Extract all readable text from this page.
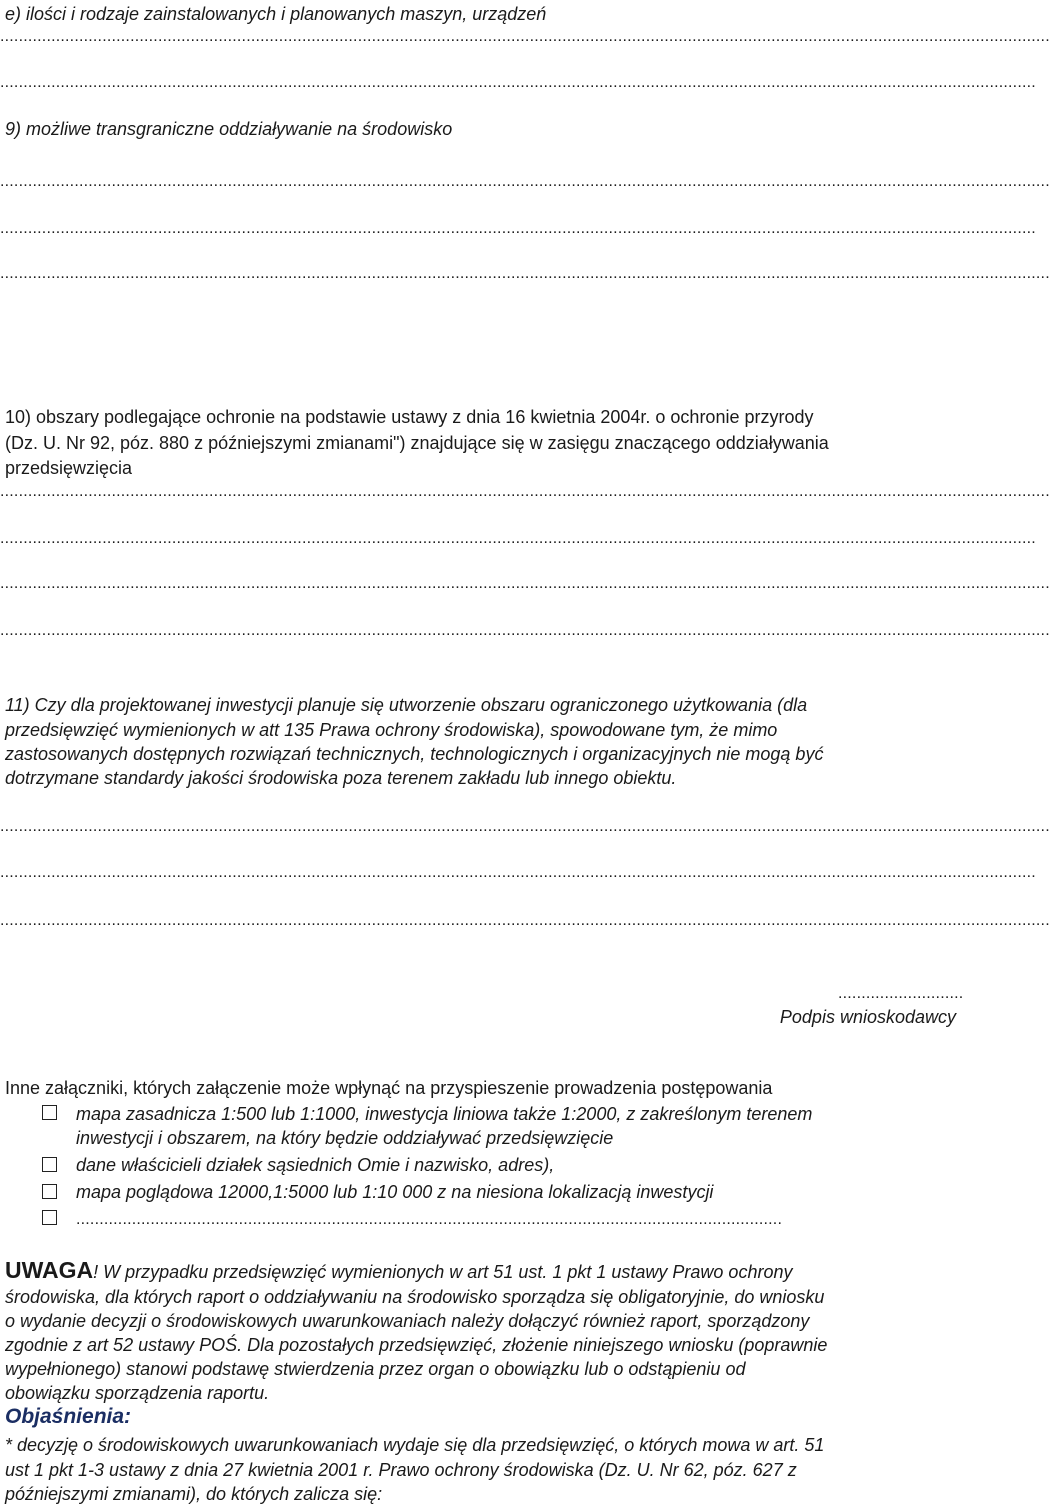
e) ilości i rodzaje zainstalowanych i planowanych maszyn, urządzeń
..................................................................................................................................................................................................................................
...............................................................................................................................................................................................................................
9) możliwe transgraniczne oddziaływanie na środowisko
..................................................................................................................................................................................................................................
...............................................................................................................................................................................................................................
..................................................................................................................................................................................................................................
10) obszary podlegające ochronie na podstawie ustawy z dnia 16 kwietnia 2004r. o ochronie przyrody
(Dz. U. Nr 92, póz. 880 z późniejszymi zmianami") znajdujące się w zasięgu znaczącego oddziaływania
przedsięwzięcia
..................................................................................................................................................................................................................................
...............................................................................................................................................................................................................................
..................................................................................................................................................................................................................................
..................................................................................................................................................................................................................................
11) Czy dla projektowanej inwestycji planuje się utworzenie obszaru ograniczonego użytkowania (dla
przedsięwzięć wymienionych w att 135 Prawa ochrony środowiska), spowodowane tym, że mimo
zastosowanych dostępnych rozwiązań technicznych, technologicznych i organizacyjnych nie mogą być
dotrzymane standardy jakości środowiska poza terenem zakładu lub innego obiektu.
..................................................................................................................................................................................................................................
...............................................................................................................................................................................................................................
..................................................................................................................................................................................................................................
...........................
Podpis wnioskodawcy
Inne załączniki, których załączenie może wpłynąć na przyspieszenie prowadzenia postępowania
mapa zasadnicza 1:500 lub 1:1000, inwestycja liniowa także 1:2000, z zakreślonym terenem
inwestycji i obszarem, na który będzie oddziaływać przedsięwzięcie
dane właścicieli działek sąsiednich Omie i nazwisko, adres),
mapa poglądowa 12000,1:5000 lub 1:10 000 z na niesiona lokalizacją inwestycji
........................................................................................................................................................
UWAGA! W przypadku przedsięwzięć wymienionych w art 51 ust. 1 pkt 1 ustawy Prawo ochrony
środowiska, dla których raport o oddziaływaniu na środowisko sporządza się obligatoryjnie, do wniosku
o wydanie decyzji o środowiskowych uwarunkowaniach należy dołączyć również raport, sporządzony
zgodnie z art 52 ustawy POŚ. Dla pozostałych przedsięwzięć, złożenie niniejszego wniosku (poprawnie
wypełnionego) stanowi podstawę stwierdzenia przez organ o obowiązku lub o odstąpieniu od
obowiązku sporządzenia raportu.
Objaśnienia:
* decyzję o środowiskowych uwarunkowaniach wydaje się dla przedsięwzięć, o których mowa w art. 51
ust 1 pkt 1-3 ustawy z dnia 27 kwietnia 2001 r. Prawo ochrony środowiska (Dz. U. Nr 62, póz. 627 z
późniejszymi zmianami), do których zalicza się:
